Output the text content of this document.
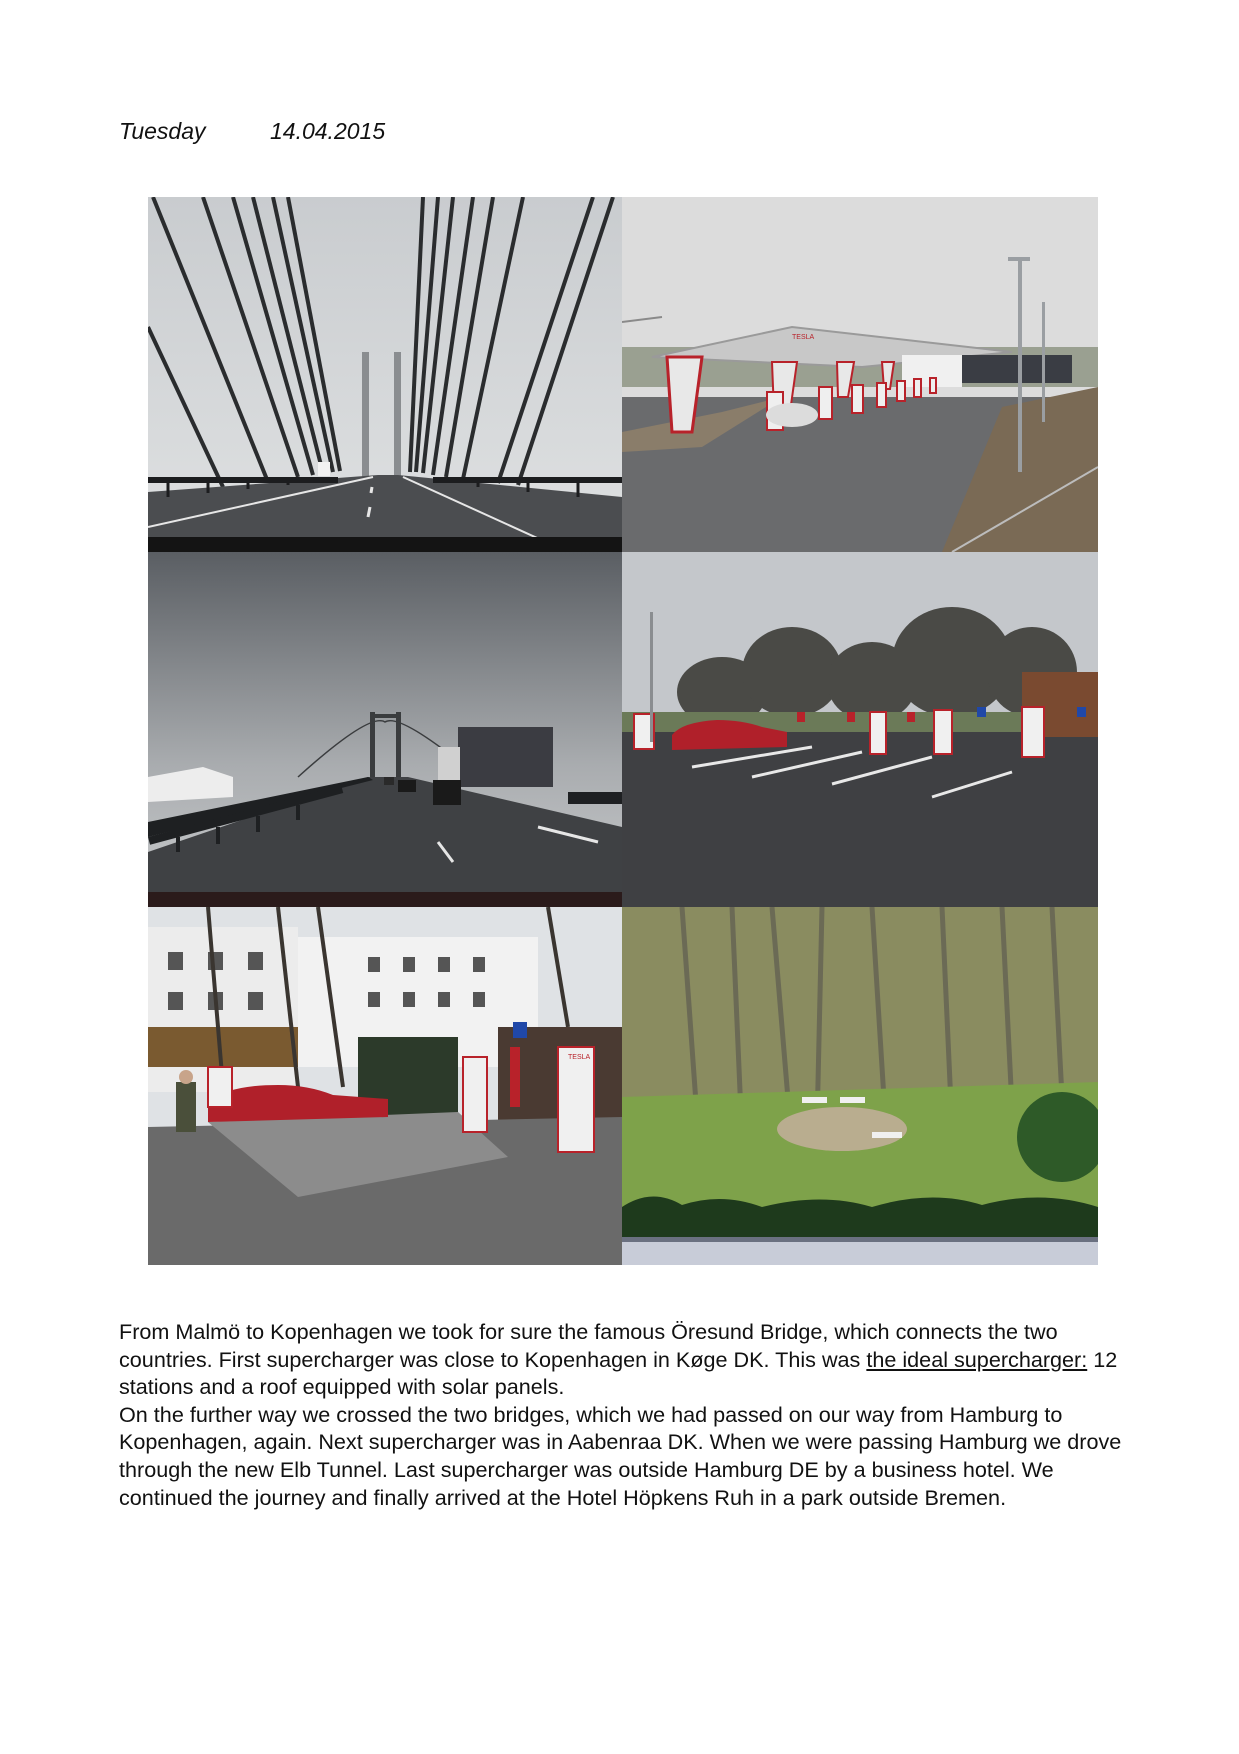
Tuesday	14.04.2015
TESLA
TESLA

From Malmö to Kopenhagen we took for sure the famous Öresund Bridge, which connects the two countries. First supercharger was close to Kopenhagen in Køge DK. This was the ideal supercharger: 12 stations and a roof equipped with solar panels.

On the further way we crossed the two bridges, which we had passed on our way from Hamburg to Kopenhagen, again. Next supercharger was in Aabenraa DK. When we were passing Hamburg we drove through the new Elb Tunnel. Last supercharger was outside Hamburg DE by a business hotel. We continued the journey and finally arrived at the Hotel Höpkens Ruh in a park outside Bremen.
